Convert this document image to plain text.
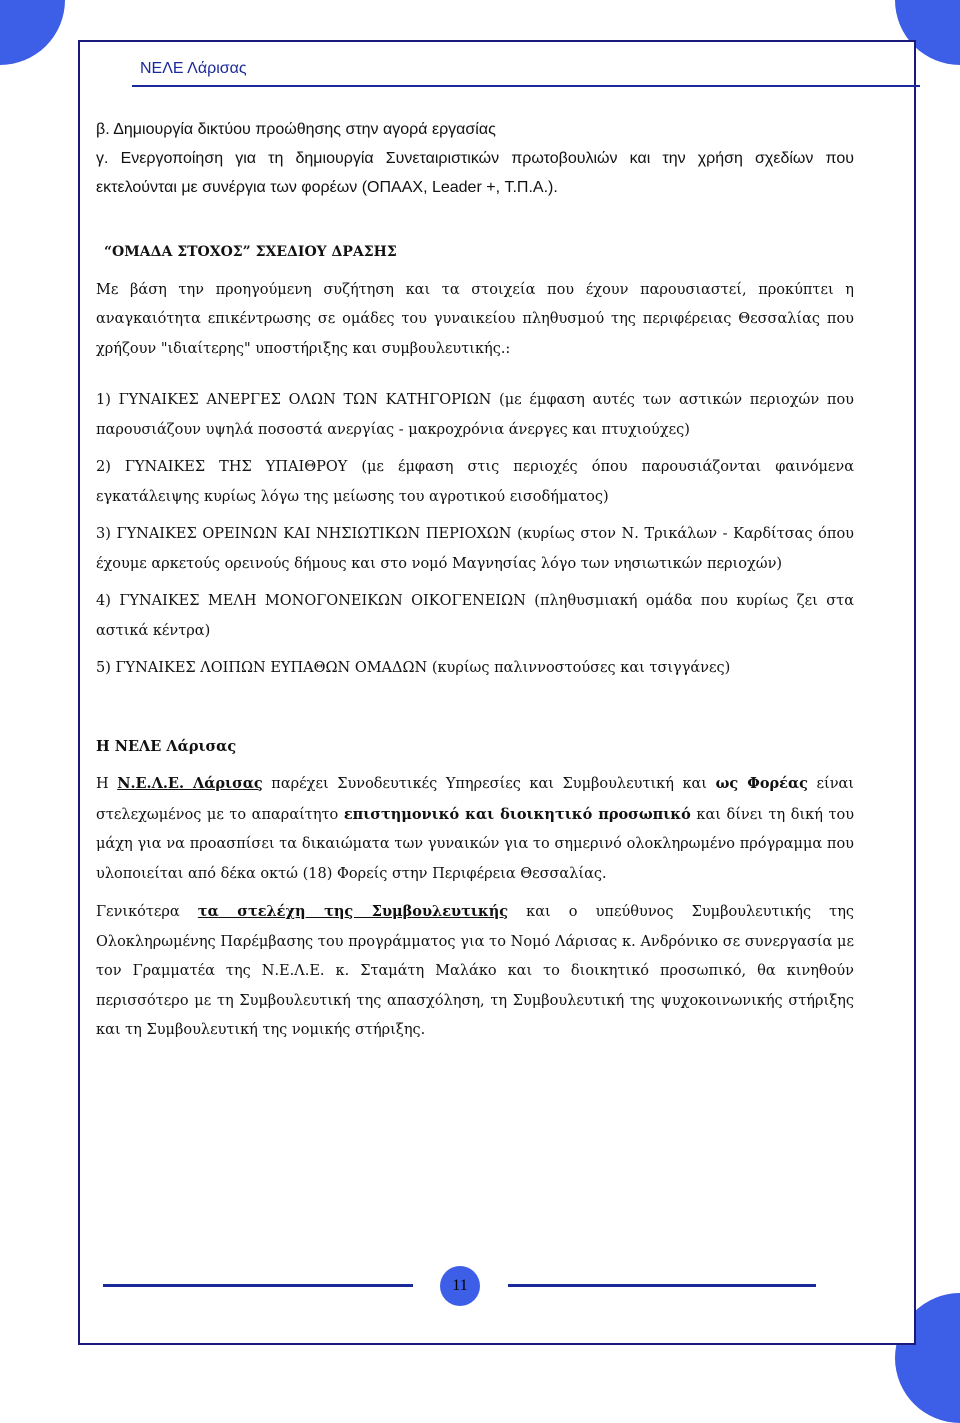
ΝΕΛΕ Λάρισας

β. Δημιουργία δικτύου προώθησης στην αγορά εργασίας

γ. Ενεργοποίηση για τη δημιουργία Συνεταιριστικών πρωτοβουλιών και την χρήση σχεδίων που εκτελούνται με συνέργια των φορέων (ΟΠΑΑΧ, Leader +, Τ.Π.Α.).

“ΟΜΑΔΑ ΣΤΟΧΟΣ” ΣΧΕΔΙΟΥ ΔΡΑΣΗΣ

Με βάση την προηγούμενη συζήτηση και τα στοιχεία που έχουν παρουσιαστεί, προκύπτει η αναγκαιότητα επικέντρωσης σε ομάδες του γυναικείου πληθυσμού της περιφέρειας Θεσσαλίας που χρήζουν "ιδιαίτερης" υποστήριξης και συμβουλευτικής.:

1) ΓΥΝΑΙΚΕΣ ΑΝΕΡΓΕΣ ΟΛΩΝ ΤΩΝ ΚΑΤΗΓΟΡΙΩΝ (με έμφαση αυτές των αστικών περιοχών που παρουσιάζουν υψηλά ποσοστά ανεργίας - μακροχρόνια άνεργες και πτυχιούχες)

2) ΓΥΝΑΙΚΕΣ ΤΗΣ ΥΠΑΙΘΡΟΥ (με έμφαση στις περιοχές όπου παρουσιάζονται φαινόμενα εγκατάλειψης κυρίως λόγω της μείωσης του αγροτικού εισοδήματος)

3) ΓΥΝΑΙΚΕΣ ΟΡΕΙΝΩΝ ΚΑΙ ΝΗΣΙΩΤΙΚΩΝ ΠΕΡΙΟΧΩΝ (κυρίως στον Ν. Τρικάλων - Καρδίτσας όπου έχουμε αρκετούς ορεινούς δήμους και στο νομό Μαγνησίας λόγο των νησιωτικών περιοχών)

4) ΓΥΝΑΙΚΕΣ ΜΕΛΗ ΜΟΝΟΓΟΝΕΙΚΩΝ ΟΙΚΟΓΕΝΕΙΩΝ (πληθυσμιακή ομάδα που κυρίως ζει στα αστικά κέντρα)

5) ΓΥΝΑΙΚΕΣ ΛΟΙΠΩΝ ΕΥΠΑΘΩΝ ΟΜΑΔΩΝ (κυρίως παλιννοστούσες και τσιγγάνες)

Η ΝΕΛΕ Λάρισας

Η Ν.Ε.Λ.Ε. Λάρισας παρέχει Συνοδευτικές Υπηρεσίες και Συμβουλευτική και ως Φορέας είναι στελεχωμένος με το απαραίτητο επιστημονικό και διοικητικό προσωπικό και δίνει τη δική του μάχη για να προασπίσει τα δικαιώματα των γυναικών για το σημερινό ολοκληρωμένο πρόγραμμα που υλοποιείται από δέκα οκτώ (18) Φορείς στην Περιφέρεια Θεσσαλίας.

Γενικότερα τα στελέχη της Συμβουλευτικής και ο υπεύθυνος Συμβουλευτικής της Ολοκληρωμένης Παρέμβασης του προγράμματος για το Νομό Λάρισας κ. Ανδρόνικο σε συνεργασία με τον Γραμματέα της Ν.Ε.Λ.Ε. κ. Σταμάτη Μαλάκο και το διοικητικό προσωπικό, θα κινηθούν περισσότερο με τη Συμβουλευτική της απασχόληση, τη Συμβουλευτική της ψυχοκοινωνικής στήριξης και τη Συμβουλευτική της νομικής στήριξης.

11
